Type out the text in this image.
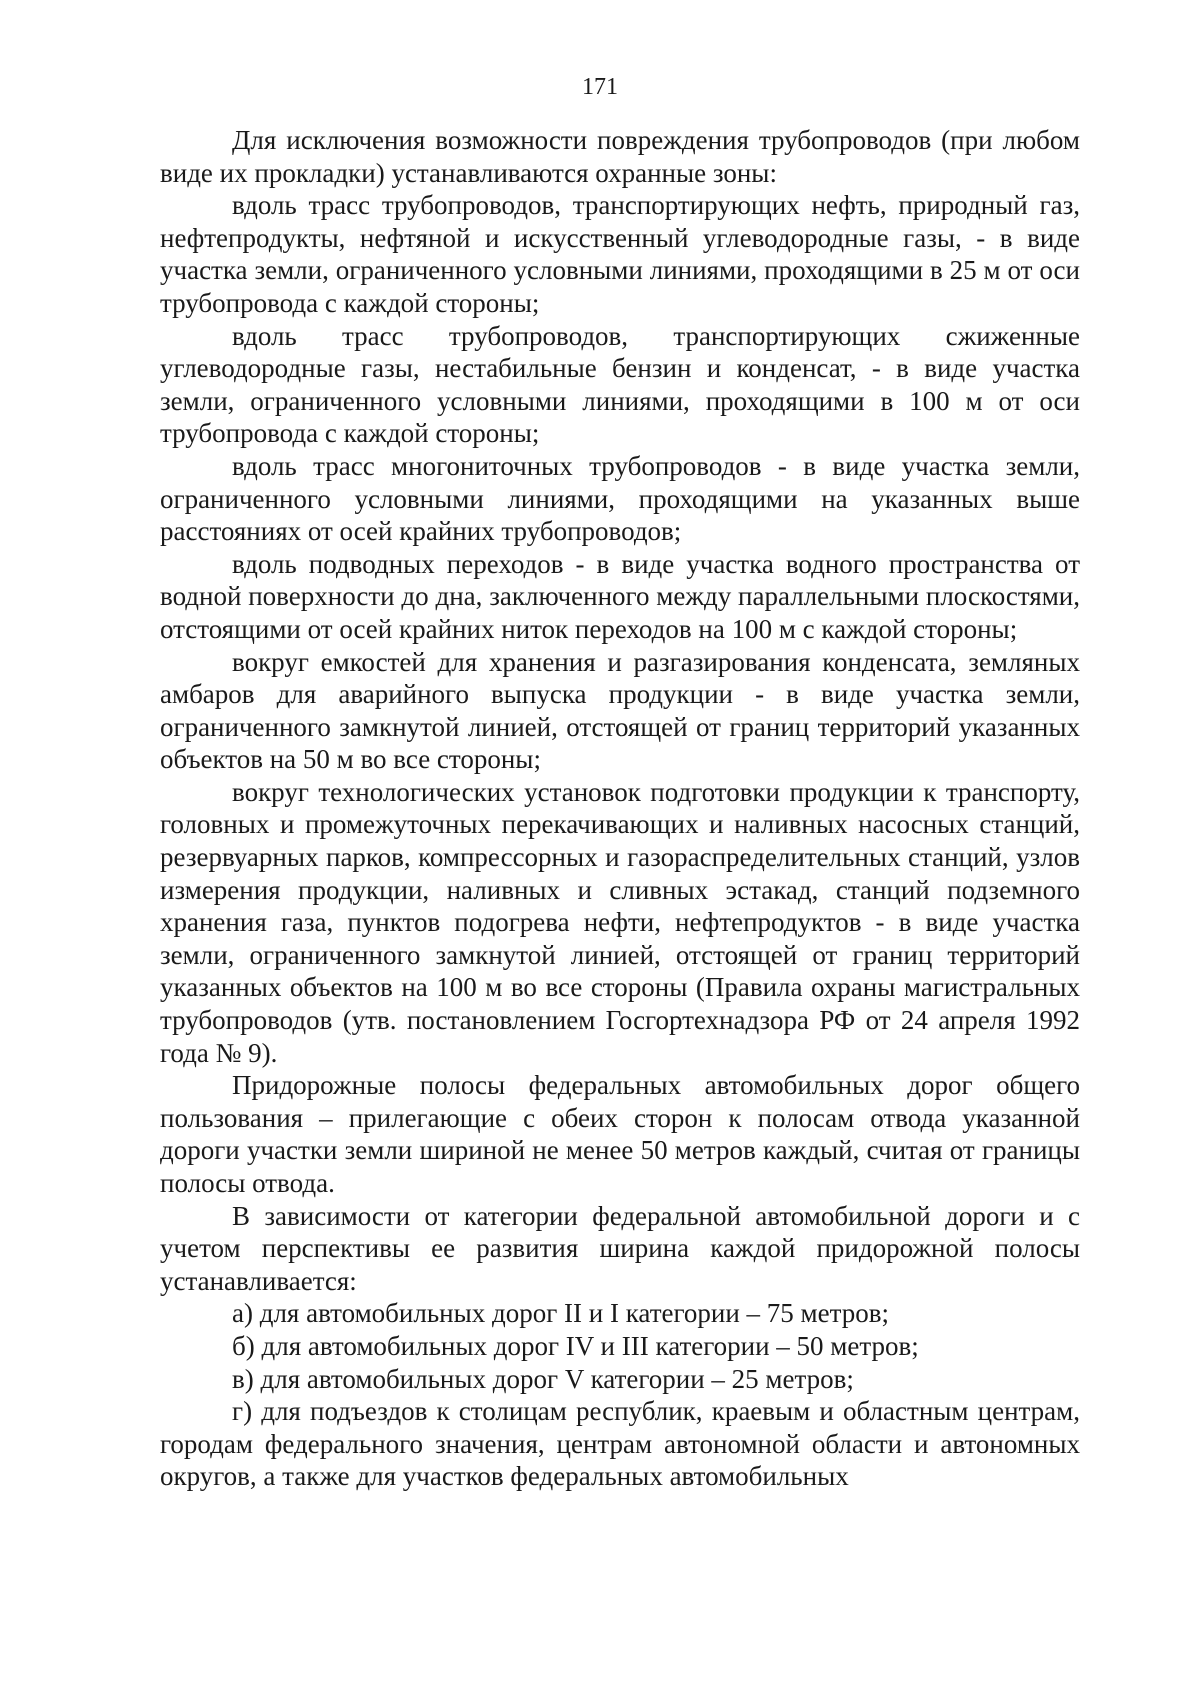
171

Для исключения возможности повреждения трубопроводов (при любом виде их прокладки) устанавливаются охранные зоны:

вдоль трасс трубопроводов, транспортирующих нефть, природный газ, нефтепродукты, нефтяной и искусственный углеводородные газы, - в виде участка земли, ограниченного условными линиями, проходящими в 25 м от оси трубопровода с каждой стороны;

вдоль трасс трубопроводов, транспортирующих сжиженные углеводородные газы, нестабильные бензин и конденсат, - в виде участка земли, ограниченного условными линиями, проходящими в 100 м от оси трубопровода с каждой стороны;

вдоль трасс многониточных трубопроводов - в виде участка земли, ограниченного условными линиями, проходящими на указанных выше расстояниях от осей крайних трубопроводов;

вдоль подводных переходов - в виде участка водного пространства от водной поверхности до дна, заключенного между параллельными плоскостями, отстоящими от осей крайних ниток переходов на 100 м с каждой стороны;

вокруг емкостей для хранения и разгазирования конденсата, земляных амбаров для аварийного выпуска продукции - в виде участка земли, ограниченного замкнутой линией, отстоящей от границ территорий указанных объектов на 50 м во все стороны;

вокруг технологических установок подготовки продукции к транспорту, головных и промежуточных перекачивающих и наливных насосных станций, резервуарных парков, компрессорных и газораспределительных станций, узлов измерения продукции, наливных и сливных эстакад, станций подземного хранения газа, пунктов подогрева нефти, нефтепродуктов - в виде участка земли, ограниченного замкнутой линией, отстоящей от границ территорий указанных объектов на 100 м во все стороны (Правила охраны магистральных трубопроводов (утв. постановлением Госгортехнадзора РФ от 24 апреля 1992 года № 9).

Придорожные полосы федеральных автомобильных дорог общего пользования – прилегающие с обеих сторон к полосам отвода указанной дороги участки земли шириной не менее 50 метров каждый, считая от границы полосы отвода.

В зависимости от категории федеральной автомобильной дороги и с учетом перспективы ее развития ширина каждой придорожной полосы устанавливается:

а) для автомобильных дорог II и I категории – 75 метров;

б) для автомобильных дорог IV и III категории – 50 метров;

в) для автомобильных дорог V категории – 25 метров;

г) для подъездов к столицам республик, краевым и областным центрам, городам федерального значения, центрам автономной области и автономных округов, а также для участков федеральных автомобильных
